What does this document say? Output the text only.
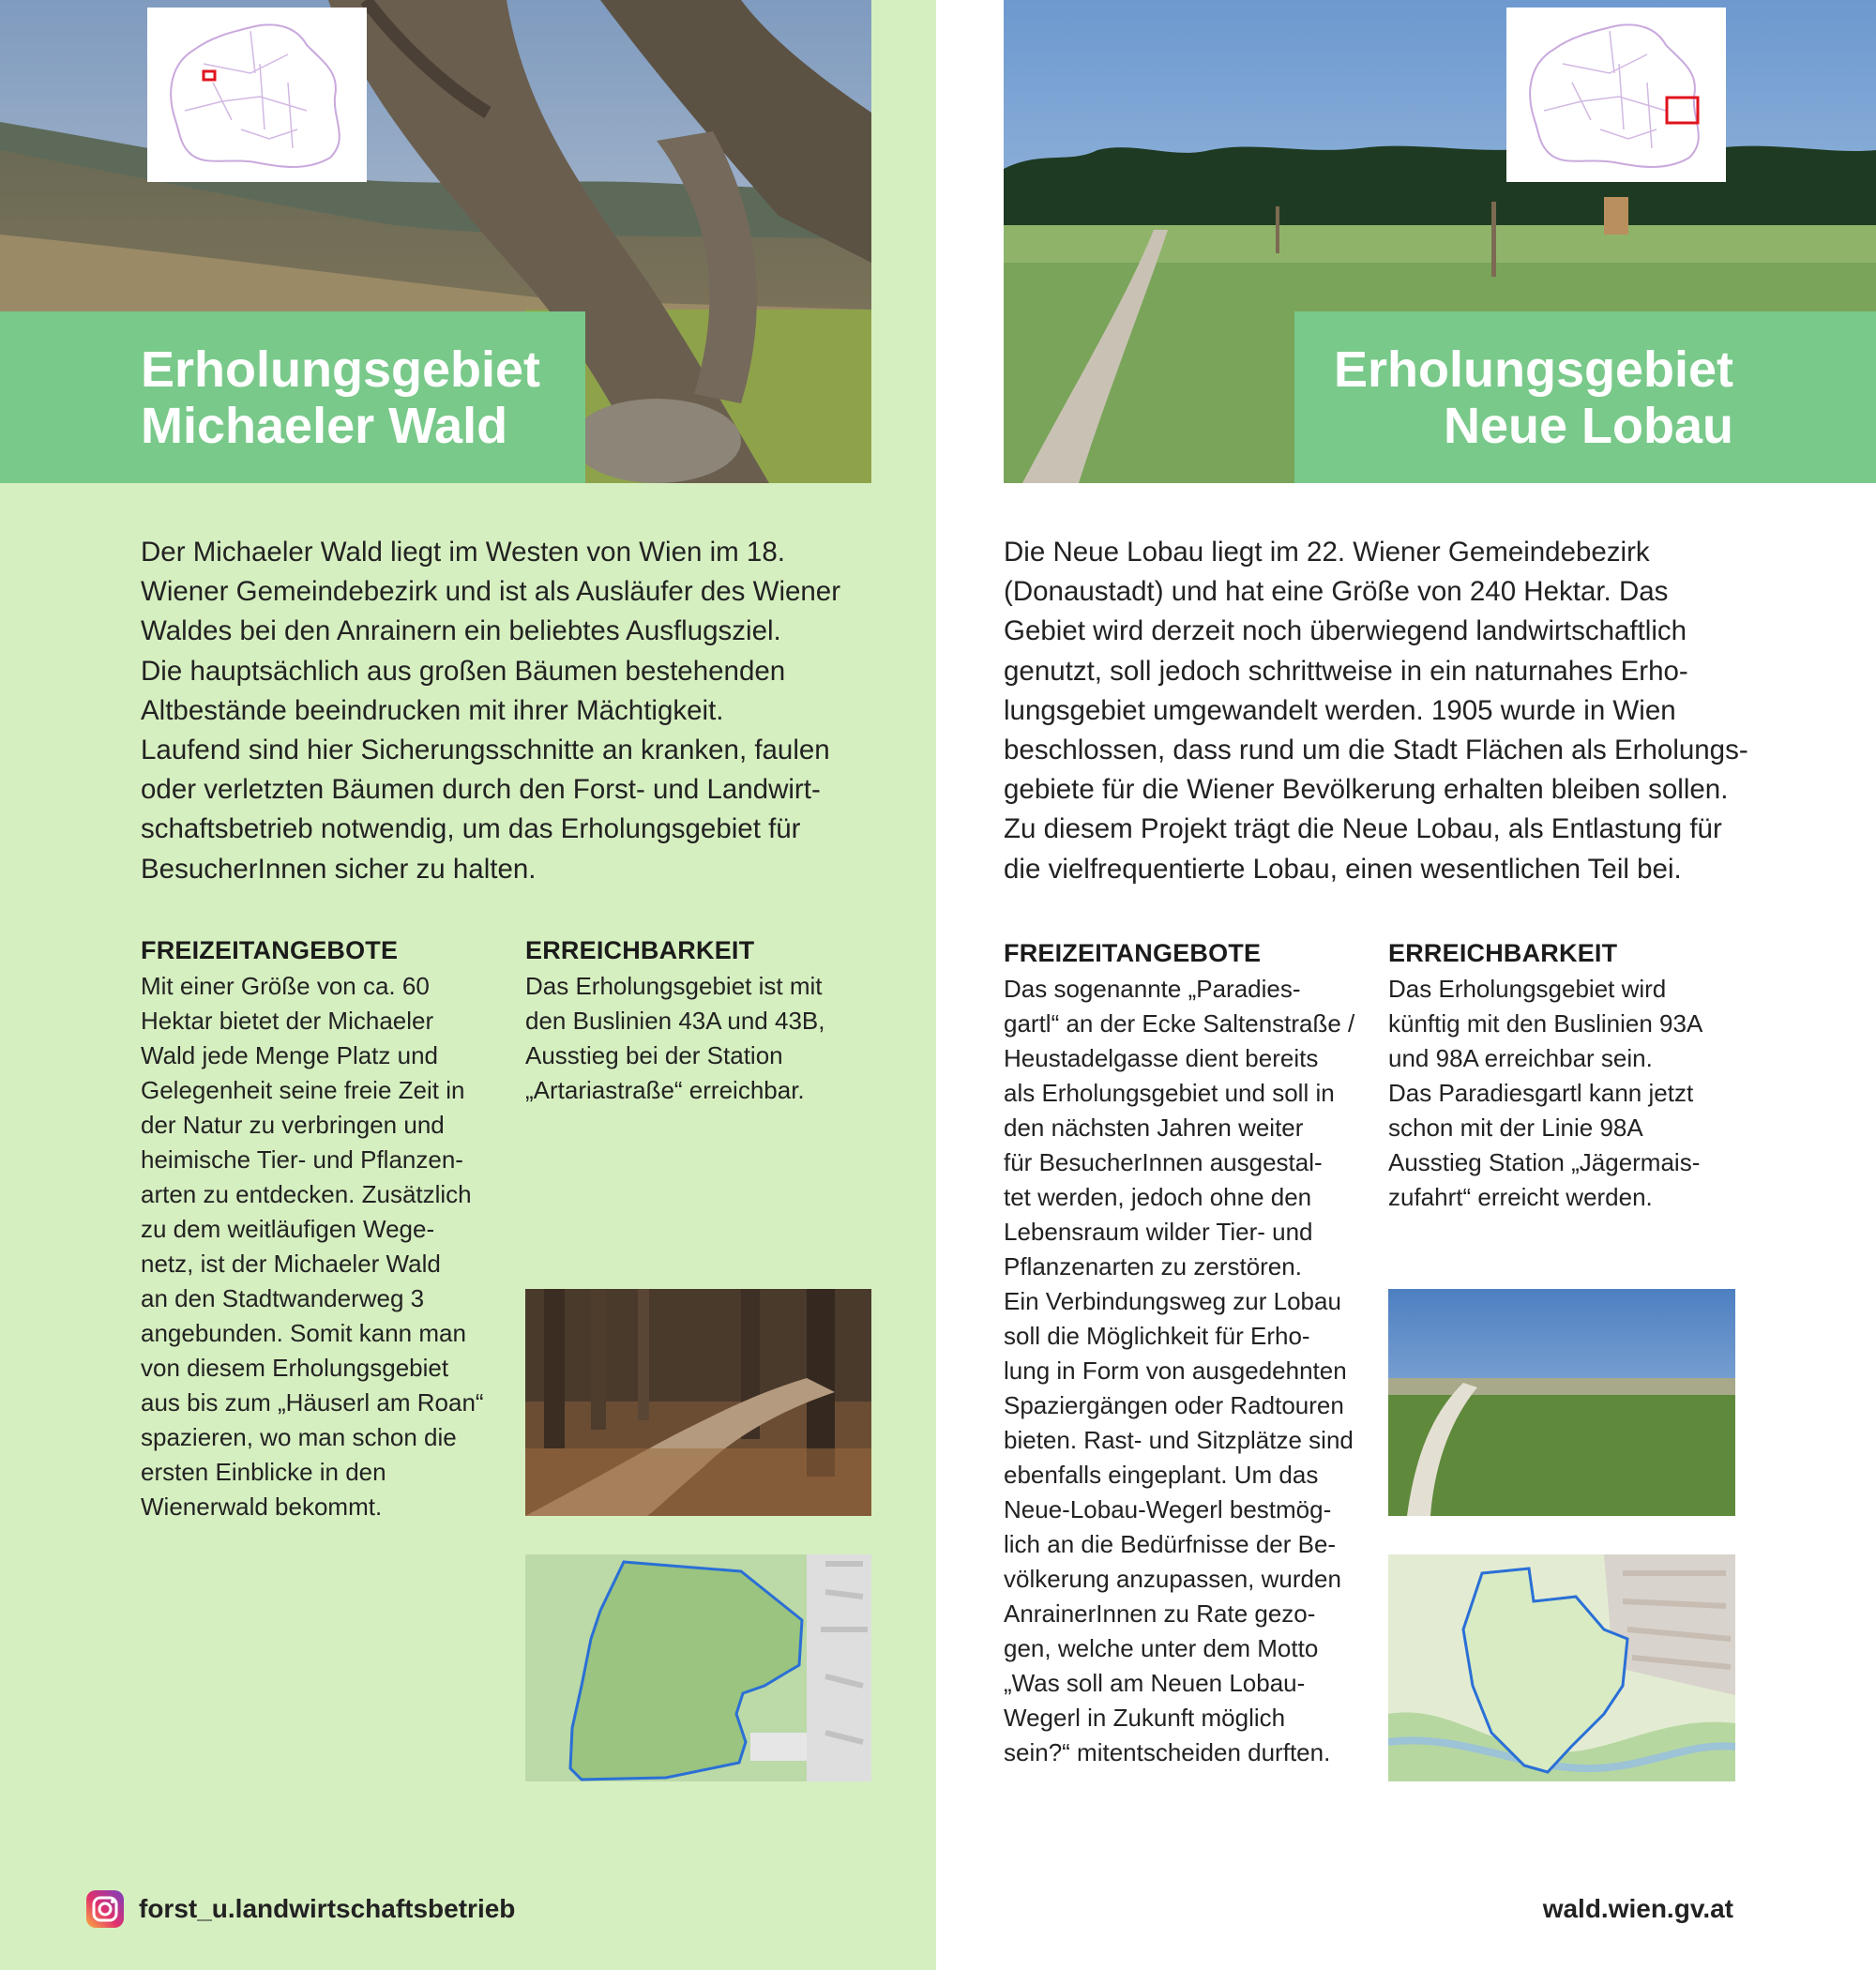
Erholungsgebiet
Michaeler Wald

Der Michaeler Wald liegt im Westen von Wien im 18.

Wiener Gemeindebezirk und ist als Ausläufer des Wiener

Waldes bei den Anrainern ein beliebtes Ausflugsziel.

Die hauptsächlich aus großen Bäumen bestehenden

Altbestände beeindrucken mit ihrer Mächtigkeit.

Laufend sind hier Sicherungsschnitte an kranken, faulen

oder verletzten Bäumen durch den Forst- und Landwirt-

schaftsbetrieb notwendig, um das Erholungsgebiet für

BesucherInnen sicher zu halten.

FREIZEITANGEBOTE

Mit einer Größe von ca. 60

Hektar bietet der Michaeler

Wald jede Menge Platz und

Gelegenheit seine freie Zeit in

der Natur zu verbringen und

heimische Tier- und Pflanzen-

arten zu entdecken. Zusätzlich

zu dem weitläufigen Wege-

netz, ist der Michaeler Wald

an den Stadtwanderweg 3

angebunden. Somit kann man

von diesem Erholungsgebiet

aus bis zum „Häuserl am Roan“

spazieren, wo man schon die

ersten Einblicke in den

Wienerwald bekommt.

ERREICHBARKEIT

Das Erholungsgebiet ist mit

den Buslinien 43A und 43B,

Ausstieg bei der Station

„Artariastraße“ erreichbar.

forst_u.landwirtschaftsbetrieb
Erholungsgebiet
Neue Lobau

Die Neue Lobau liegt im 22. Wiener Gemeindebezirk

(Donaustadt) und hat eine Größe von 240 Hektar. Das

Gebiet wird derzeit noch überwiegend landwirtschaftlich

genutzt, soll jedoch schrittweise in ein naturnahes Erho-

lungsgebiet umgewandelt werden. 1905 wurde in Wien

beschlossen, dass rund um die Stadt Flächen als Erholungs-

gebiete für die Wiener Bevölkerung erhalten bleiben sollen.

Zu diesem Projekt trägt die Neue Lobau, als Entlastung für

die vielfrequentierte Lobau, einen wesentlichen Teil bei.

FREIZEITANGEBOTE

Das sogenannte „Paradies-

gartl“ an der Ecke Saltenstraße /

Heustadelgasse dient bereits

als Erholungsgebiet und soll in

den nächsten Jahren weiter

für BesucherInnen ausgestal-

tet werden, jedoch ohne den

Lebensraum wilder Tier- und

Pflanzenarten zu zerstören.

Ein Verbindungsweg zur Lobau

soll die Möglichkeit für Erho-

lung in Form von ausgedehnten

Spaziergängen oder Radtouren

bieten. Rast- und Sitzplätze sind

ebenfalls eingeplant. Um das

Neue-Lobau-Wegerl bestmög-

lich an die Bedürfnisse der Be-

völkerung anzupassen, wurden

AnrainerInnen zu Rate gezo-

gen, welche unter dem Motto

„Was soll am Neuen Lobau-

Wegerl in Zukunft möglich

sein?“ mitentscheiden durften.

ERREICHBARKEIT

Das Erholungsgebiet wird

künftig mit den Buslinien 93A

und 98A erreichbar sein.

Das Paradiesgartl kann jetzt

schon mit der Linie 98A

Ausstieg Station „Jägermais-

zufahrt“ erreicht werden.

wald.wien.gv.at
